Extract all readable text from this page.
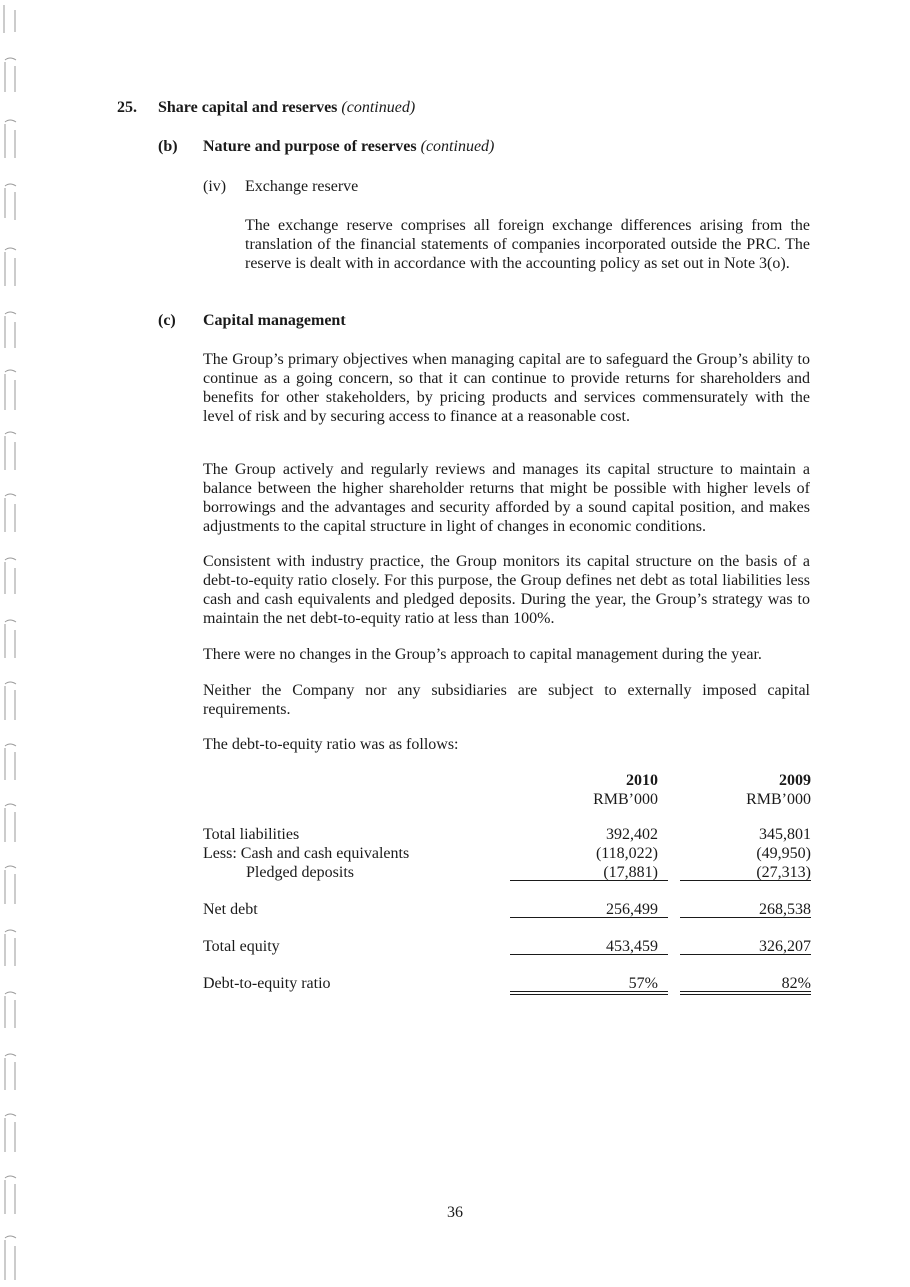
25. Share capital and reserves (continued)
(b) Nature and purpose of reserves (continued)
(iv) Exchange reserve
The exchange reserve comprises all foreign exchange differences arising from the translation of the financial statements of companies incorporated outside the PRC. The reserve is dealt with in accordance with the accounting policy as set out in Note 3(o).
(c) Capital management
The Group’s primary objectives when managing capital are to safeguard the Group’s ability to continue as a going concern, so that it can continue to provide returns for shareholders and benefits for other stakeholders, by pricing products and services commensurately with the level of risk and by securing access to finance at a reasonable cost.
The Group actively and regularly reviews and manages its capital structure to maintain a balance between the higher shareholder returns that might be possible with higher levels of borrowings and the advantages and security afforded by a sound capital position, and makes adjustments to the capital structure in light of changes in economic conditions.
Consistent with industry practice, the Group monitors its capital structure on the basis of a debt-to-equity ratio closely. For this purpose, the Group defines net debt as total liabilities less cash and cash equivalents and pledged deposits. During the year, the Group’s strategy was to maintain the net debt-to-equity ratio at less than 100%.
There were no changes in the Group’s approach to capital management during the year.
Neither the Company nor any subsidiaries are subject to externally imposed capital requirements.
The debt-to-equity ratio was as follows:
2010	2009
RMB’000	RMB’000
Total liabilities	392,402	345,801
Less: Cash and cash equivalents	(118,022)	(49,950)
Pledged deposits	(17,881)	(27,313)
Net debt	256,499	268,538
Total equity	453,459	326,207
Debt-to-equity ratio	57%	82%
36
